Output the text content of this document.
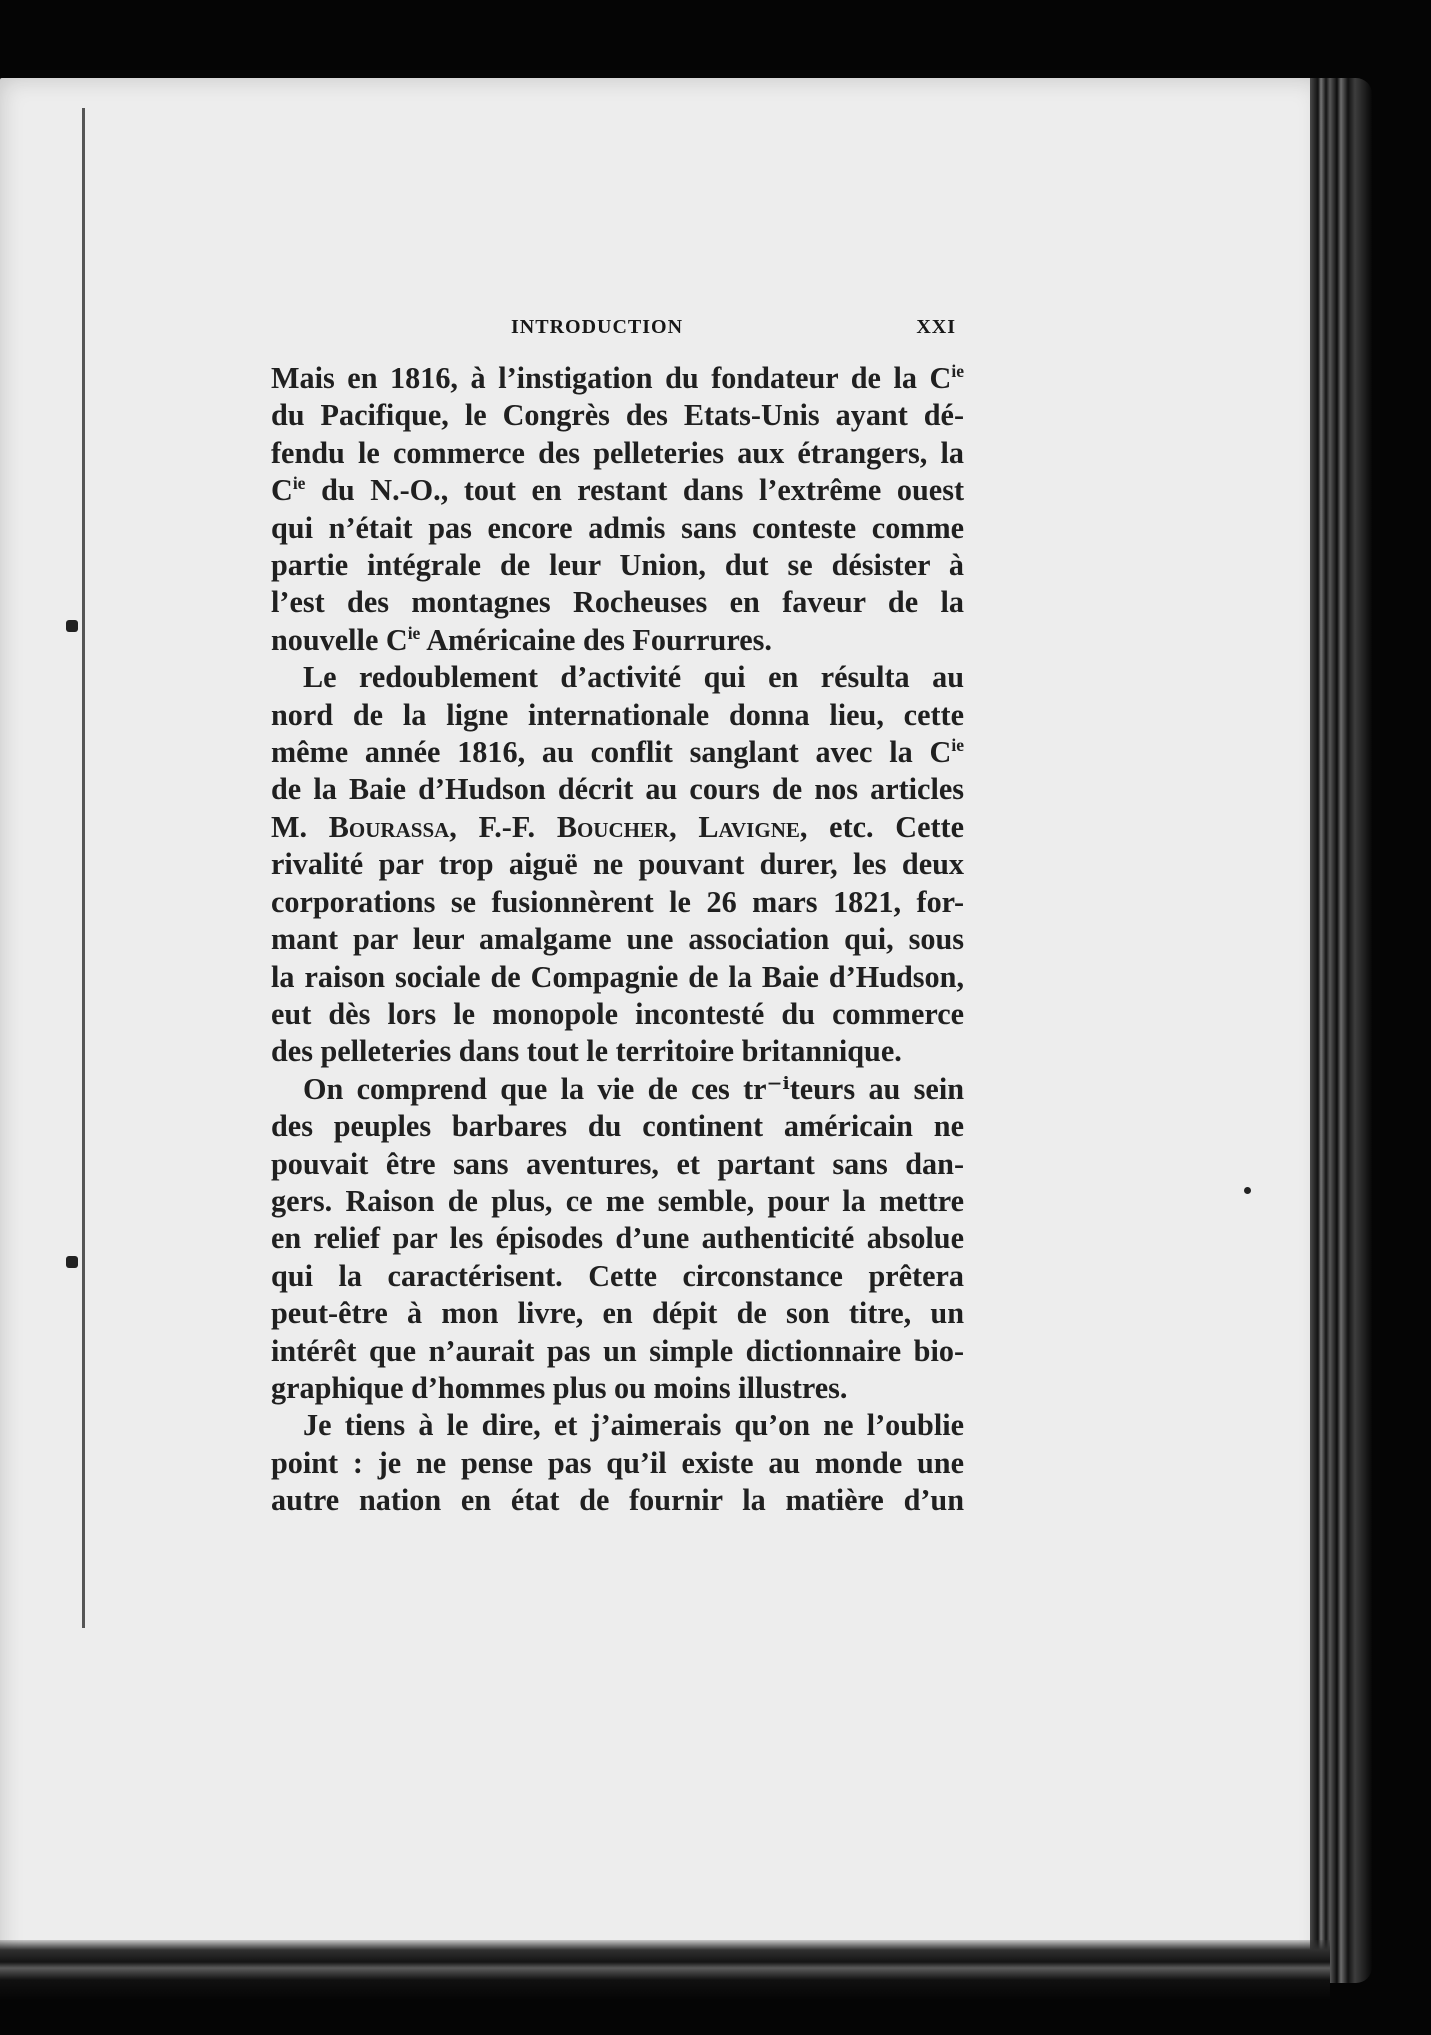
INTRODUCTION	XXI
Mais en 1816, à l’instigation du fondateur de la $C^{ie}$
du Pacifique, le Congrès des Etats-Unis ayant dé-
fendu le commerce des pelleteries aux étrangers, la
$C^{ie}$ du N.-O., tout en restant dans l’extrême ouest
qui n’était pas encore admis sans conteste comme
partie intégrale de leur Union, dut se désister à
l’est des montagnes Rocheuses en faveur de la
nouvelle $C^{ie}$ Américaine des Fourrures.
Le redoublement d’activité qui en résulta au
nord de la ligne internationale donna lieu, cette
même année 1816, au conflit sanglant avec la $C^{ie}$
de la Baie d’Hudson décrit au cours de nos articles
M. Bourassa, F.-F. Boucher, Lavigne, etc. Cette
rivalité par trop aiguë ne pouvant durer, les deux
corporations se fusionnèrent le 26 mars 1821, for-
mant par leur amalgame une association qui, sous
la raison sociale de Compagnie de la Baie d’Hudson,
eut dès lors le monopole incontesté du commerce
des pelleteries dans tout le territoire britannique.
On comprend que la vie de ces tr⁻ⁱteurs au sein
des peuples barbares du continent américain ne
pouvait être sans aventures, et partant sans dan-
gers. Raison de plus, ce me semble, pour la mettre
en relief par les épisodes d’une authenticité absolue
qui la caractérisent. Cette circonstance prêtera
peut-être à mon livre, en dépit de son titre, un
intérêt que n’aurait pas un simple dictionnaire bio-
graphique d’hommes plus ou moins illustres.
Je tiens à le dire, et j’aimerais qu’on ne l’oublie
point : je ne pense pas qu’il existe au monde une
autre nation en état de fournir la matière d’un
